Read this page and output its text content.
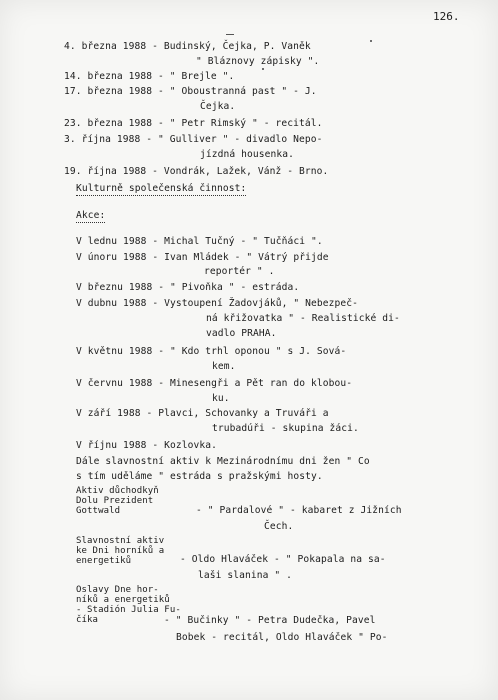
126.
4. března 1988 - Budinský, Čejka, P. Vaněk
" Bláznovy zápisky ".
14. března 1988 - " Brejle ".
17. března 1988 - " Oboustranná past " - J.
Čejka.
23. března 1988 - " Petr Rimský " - recitál.
3. října 1988 - " Gulliver " - divadlo Nepo-
jízdná housenka.
19. října 1988 - Vondrák, Lažek, Vánž - Brno.
Kulturně společenská činnost:
Akce:
V lednu 1988 - Michal Tučný - " Tučňáci ".
V únoru 1988 - Ivan Mládek - " Vátrý přijde
reportér " .
V březnu 1988 - " Pivoňka " - estráda.
V dubnu 1988 - Vystoupení Žadovjáků, " Nebezpeč-
ná křižovatka " - Realistické di-
vadlo PRAHA.
V květnu 1988 - " Kdo trhl oponou " s J. Sová-
kem.
V červnu 1988 - Minesengři a Pět ran do klobou-
ku.
V září 1988 - Plavci, Schovanky a Truváři a
trubadúři - skupina žáci.
V říjnu 1988 - Kozlovka.
Dále slavnostní aktiv k Mezinárodnímu dni žen " Co
s tím uděláme " estráda s pražskými hosty.
Aktiv důchodkyň
Dolu Prezident
Gottwald	- " Pardalové " - kabaret z Jižních
Čech.
Slavnostní aktiv
ke Dni horníků a
energetiků	- Oldo Hlaváček - " Pokapala na sa-
laši slanina " .
Oslavy Dne hor-
níků a energetiků
- Stadión Julia Fu-
číka	- " Bučinky " - Petra Dudečka, Pavel
Bobek - recitál, Oldo Hlaváček " Po-
